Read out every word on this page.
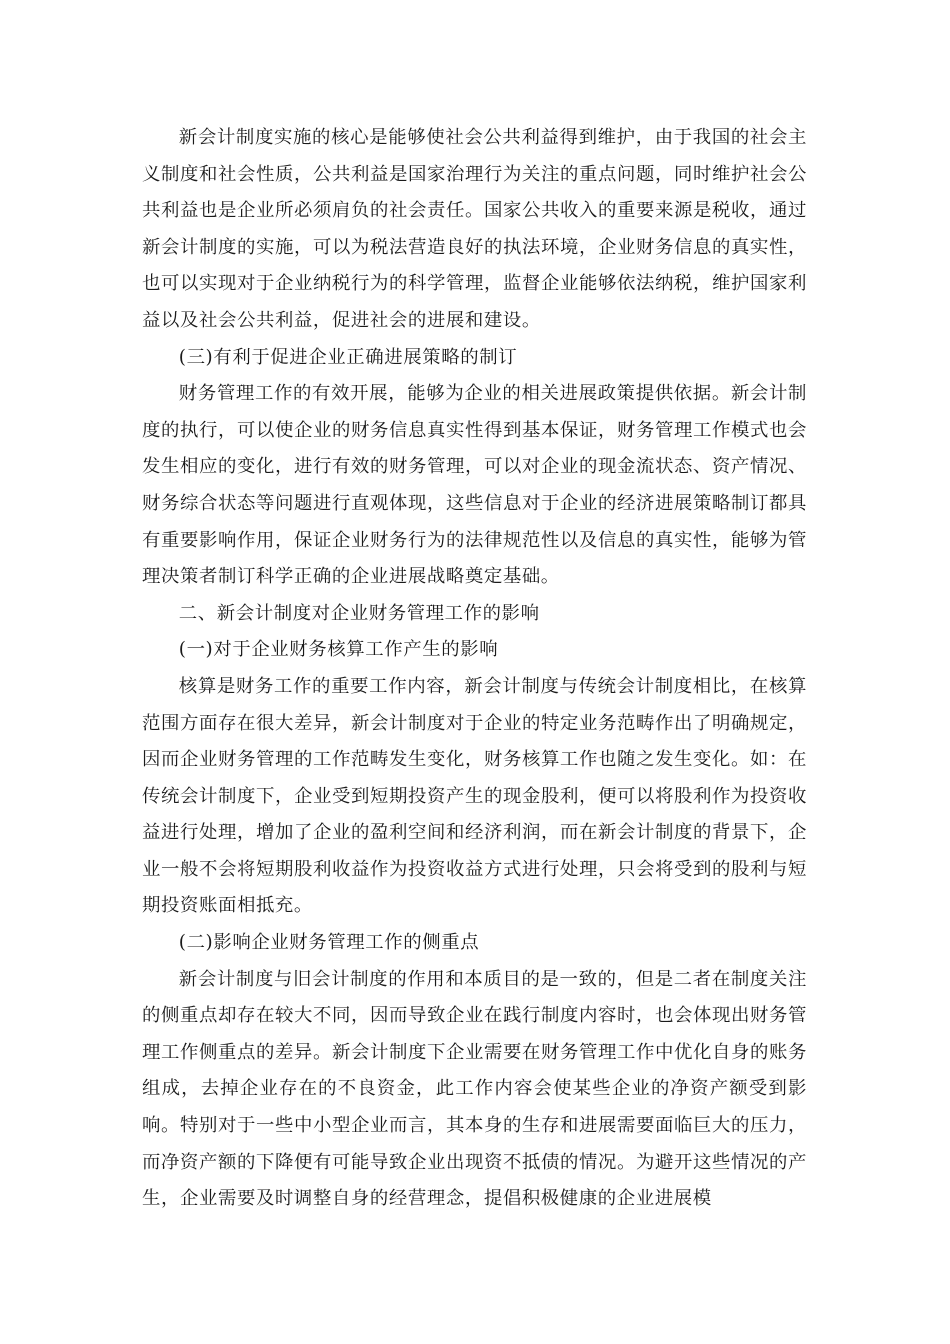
新会计制度实施的核心是能够使社会公共利益得到维护，由于我国的社会主义制度和社会性质，公共利益是国家治理行为关注的重点问题，同时维护社会公共利益也是企业所必须肩负的社会责任。国家公共收入的重要来源是税收，通过新会计制度的实施，可以为税法营造良好的执法环境，企业财务信息的真实性，也可以实现对于企业纳税行为的科学管理，监督企业能够依法纳税，维护国家利益以及社会公共利益，促进社会的进展和建设。

(三)有利于促进企业正确进展策略的制订

财务管理工作的有效开展，能够为企业的相关进展政策提供依据。新会计制度的执行，可以使企业的财务信息真实性得到基本保证，财务管理工作模式也会发生相应的变化，进行有效的财务管理，可以对企业的现金流状态、资产情况、财务综合状态等问题进行直观体现，这些信息对于企业的经济进展策略制订都具有重要影响作用，保证企业财务行为的法律规范性以及信息的真实性，能够为管理决策者制订科学正确的企业进展战略奠定基础。

二、新会计制度对企业财务管理工作的影响

(一)对于企业财务核算工作产生的影响

核算是财务工作的重要工作内容，新会计制度与传统会计制度相比，在核算范围方面存在很大差异，新会计制度对于企业的特定业务范畴作出了明确规定，因而企业财务管理的工作范畴发生变化，财务核算工作也随之发生变化。如：在传统会计制度下，企业受到短期投资产生的现金股利，便可以将股利作为投资收益进行处理，增加了企业的盈利空间和经济利润，而在新会计制度的背景下，企业一般不会将短期股利收益作为投资收益方式进行处理，只会将受到的股利与短期投资账面相抵充。

(二)影响企业财务管理工作的侧重点

新会计制度与旧会计制度的作用和本质目的是一致的，但是二者在制度关注的侧重点却存在较大不同，因而导致企业在践行制度内容时，也会体现出财务管理工作侧重点的差异。新会计制度下企业需要在财务管理工作中优化自身的账务组成，去掉企业存在的不良资金，此工作内容会使某些企业的净资产额受到影响。特别对于一些中小型企业而言，其本身的生存和进展需要面临巨大的压力，而净资产额的下降便有可能导致企业出现资不抵债的情况。为避开这些情况的产生，企业需要及时调整自身的经营理念，提倡积极健康的企业进展模
